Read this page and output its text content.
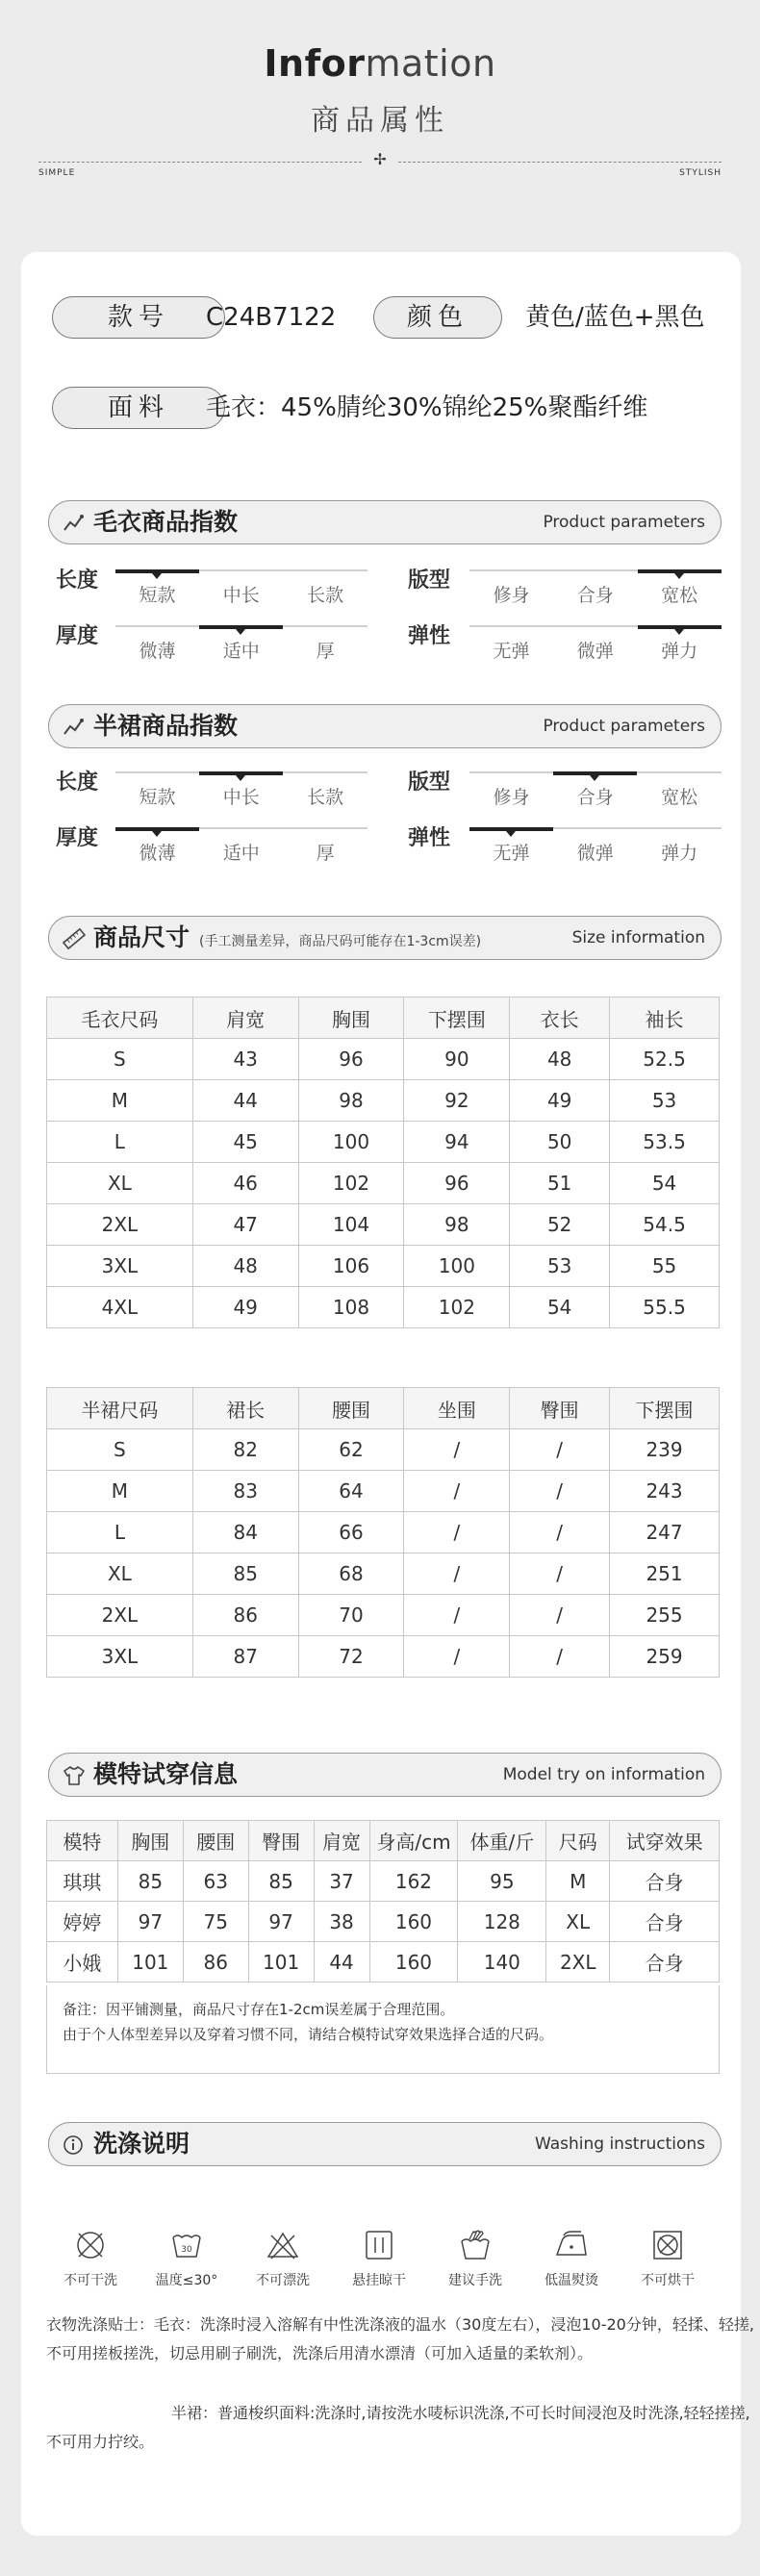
Information
商品属性
✢
SIMPLE	STYLISH
款号	C24B7122	颜色	黄色/蓝色+黑色
面料	毛衣：45%腈纶30%锦纶25%聚酯纤维
毛衣商品指数	Product parameters
长度
短款	中长	长款
版型
修身	合身	宽松
厚度
微薄	适中	厚
弹性
无弹	微弹	弹力
半裙商品指数	Product parameters
长度
短款	中长	长款
版型
修身	合身	宽松
厚度
微薄	适中	厚
弹性
无弹	微弹	弹力
商品尺寸 (手工测量差异，商品尺码可能存在1-3cm误差)	Size information
毛衣尺码	肩宽	胸围	下摆围	衣长	袖长
S	43	96	90	48	52.5
M	44	98	92	49	53
L	45	100	94	50	53.5
XL	46	102	96	51	54
2XL	47	104	98	52	54.5
3XL	48	106	100	53	55
4XL	49	108	102	54	55.5
半裙尺码	裙长	腰围	坐围	臀围	下摆围
S	82	62	/	/	239
M	83	64	/	/	243
L	84	66	/	/	247
XL	85	68	/	/	251
2XL	86	70	/	/	255
3XL	87	72	/	/	259
模特试穿信息	Model try on information
模特	胸围	腰围	臀围	肩宽	身高/cm	体重/斤	尺码	试穿效果
琪琪	85	63	85	37	162	95	M	合身
婷婷	97	75	97	38	160	128	XL	合身
小娥	101	86	101	44	160	140	2XL	合身
备注：因平铺测量，商品尺寸存在1-2cm误差属于合理范围。
由于个人体型差异以及穿着习惯不同，请结合模特试穿效果选择合适的尺码。
洗涤说明	Washing instructions
不可干洗
30
温度≤30°	不可漂洗	悬挂晾干	建议手洗	低温熨烫	不可烘干
衣物洗涤贴士：毛衣：洗涤时浸入溶解有中性洗涤液的温水（30度左右），浸泡10-20分钟，轻揉、轻搓,不可用搓板搓洗，切忌用刷子刷洗，洗涤后用清水漂清（可加入适量的柔软剂）。
半裙：普通梭织面料:洗涤时,请按洗水唛标识洗涤,不可长时间浸泡及时洗涤,轻轻搓搓,不可用力拧绞。
